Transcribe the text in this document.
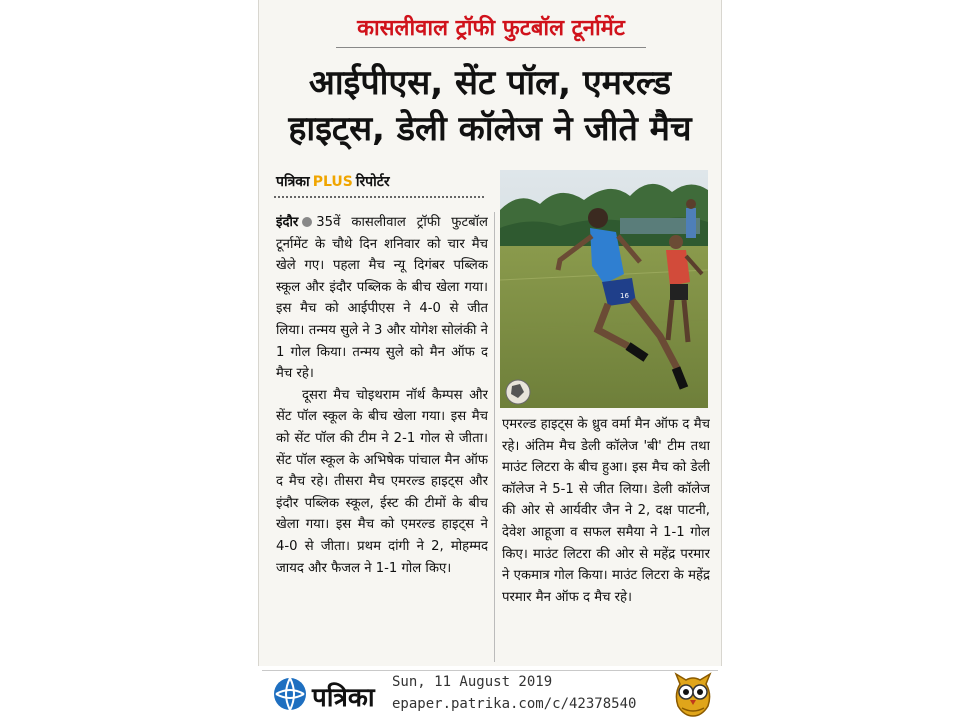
कासलीवाल ट्रॉफी फुटबॉल टूर्नामेंट
आईपीएस, सेंट पॉल, एमरल्ड हाइट्स, डेली कॉलेज ने जीते मैच
पत्रिका PLUS रिपोर्टर

इंदौर 35वें कासलीवाल ट्रॉफी फुटबॉल टूर्नामेंट के चौथे दिन शनिवार को चार मैच खेले गए। पहला मैच न्यू दिगंबर पब्लिक स्कूल और इंदौर पब्लिक के बीच खेला गया। इस मैच को आईपीएस ने 4-0 से जीत लिया। तन्मय सुले ने 3 और योगेश सोलंकी ने 1 गोल किया। तन्मय सुले को मैन ऑफ द मैच रहे।

दूसरा मैच चोइथराम नॉर्थ कैम्पस और सेंट पॉल स्कूल के बीच खेला गया। इस मैच को सेंट पॉल की टीम ने 2-1 गोल से जीता। सेंट पॉल स्कूल के अभिषेक पांचाल मैन ऑफ द मैच रहे। तीसरा मैच एमरल्ड हाइट्स और इंदौर पब्लिक स्कूल, ईस्ट की टीमों के बीच खेला गया। इस मैच को एमरल्ड हाइट्स ने 4-0 से जीता। प्रथम दांगी ने 2, मोहम्मद जायद और फैजल ने 1-1 गोल किए।

16

एमरल्ड हाइट्स के ध्रुव वर्मा मैन ऑफ द मैच रहे। अंतिम मैच डेली कॉलेज 'बी' टीम तथा माउंट लिटरा के बीच हुआ। इस मैच को डेली कॉलेज ने 5-1 से जीत लिया। डेली कॉलेज की ओर से आर्यवीर जैन ने 2, दक्ष पाटनी, देवेश आहूजा व सफल समैया ने 1-1 गोल किए। माउंट लिटरा की ओर से महेंद्र परमार ने एकमात्र गोल किया। माउंट लिटरा के महेंद्र परमार मैन ऑफ द मैच रहे।

पत्रिका
Sun, 11 August 2019
epaper.patrika.com/c/42378540
